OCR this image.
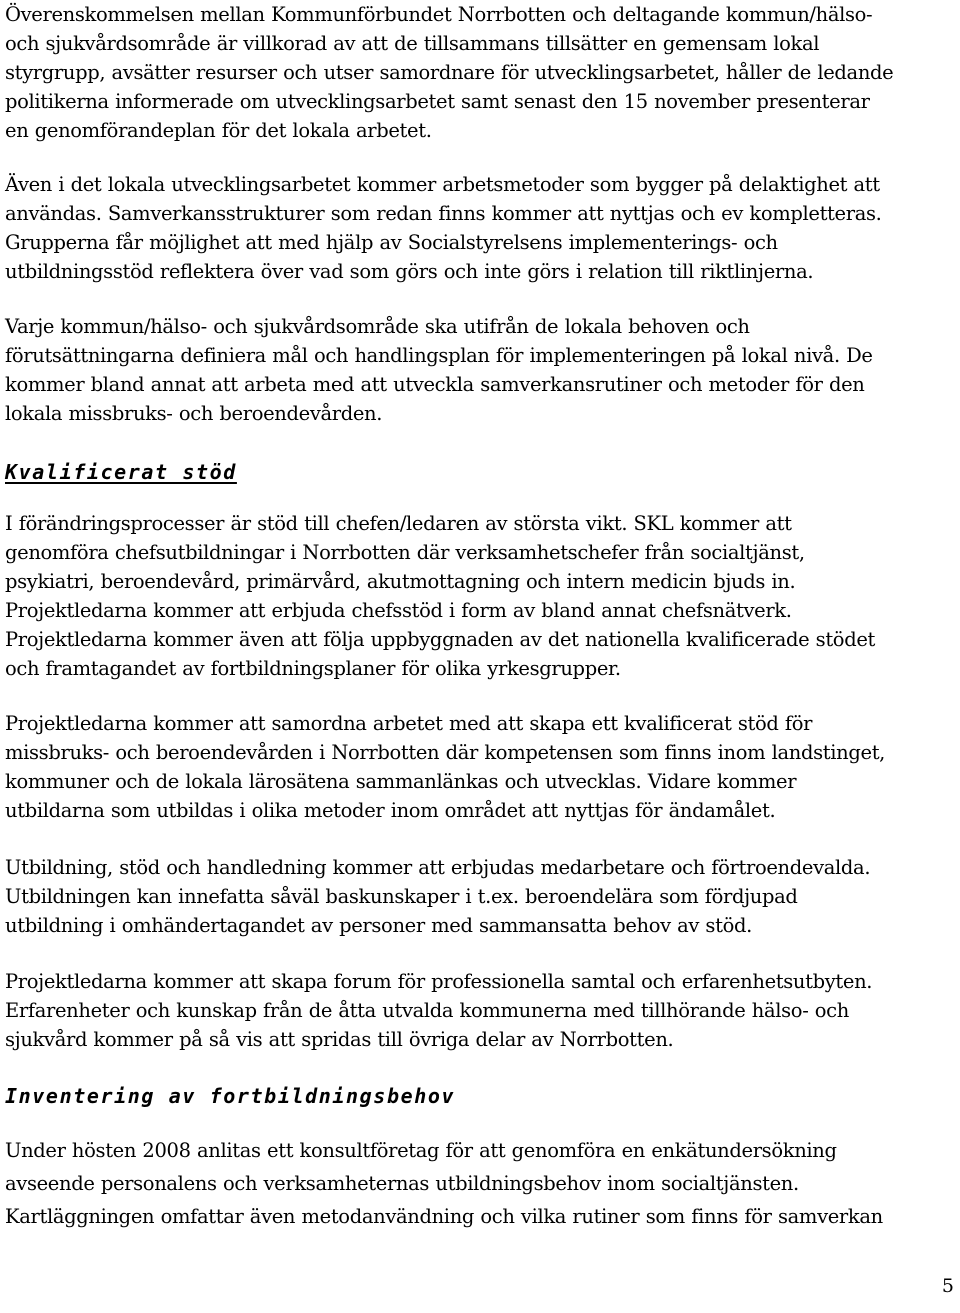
Överenskommelsen mellan Kommunförbundet Norrbotten och deltagande kommun/hälso-
och sjukvårdsområde är villkorad av att de tillsammans tillsätter en gemensam lokal
styrgrupp, avsätter resurser och utser samordnare för utvecklingsarbetet, håller de ledande
politikerna informerade om utvecklingsarbetet samt senast den 15 november presenterar
en genomförandeplan för det lokala arbetet.
Även i det lokala utvecklingsarbetet kommer arbetsmetoder som bygger på delaktighet att
användas. Samverkansstrukturer som redan finns kommer att nyttjas och ev kompletteras.
Grupperna får möjlighet att med hjälp av Socialstyrelsens implementerings- och
utbildningsstöd reflektera över vad som görs och inte görs i relation till riktlinjerna.
Varje kommun/hälso- och sjukvårdsområde ska utifrån de lokala behoven och
förutsättningarna definiera mål och handlingsplan för implementeringen på lokal nivå. De
kommer bland annat att arbeta med att utveckla samverkansrutiner och metoder för den
lokala missbruks- och beroendevården.
Kvalificerat stöd
I förändringsprocesser är stöd till chefen/ledaren av största vikt. SKL kommer att
genomföra chefsutbildningar i Norrbotten där verksamhetschefer från socialtjänst,
psykiatri, beroendevård, primärvård, akutmottagning och intern medicin bjuds in.
Projektledarna kommer att erbjuda chefsstöd i form av bland annat chefsnätverk.
Projektledarna kommer även att följa uppbyggnaden av det nationella kvalificerade stödet
och framtagandet av fortbildningsplaner för olika yrkesgrupper.
Projektledarna kommer att samordna arbetet med att skapa ett kvalificerat stöd för
missbruks- och beroendevården i Norrbotten där kompetensen som finns inom landstinget,
kommuner och de lokala lärosätena sammanlänkas och utvecklas. Vidare kommer
utbildarna som utbildas i olika metoder inom området att nyttjas för ändamålet.
Utbildning, stöd och handledning kommer att erbjudas medarbetare och förtroendevalda.
Utbildningen kan innefatta såväl baskunskaper i t.ex. beroendelära som fördjupad
utbildning i omhändertagandet av personer med sammansatta behov av stöd.
Projektledarna kommer att skapa forum för professionella samtal och erfarenhetsutbyten.
Erfarenheter och kunskap från de åtta utvalda kommunerna med tillhörande hälso- och
sjukvård kommer på så vis att spridas till övriga delar av Norrbotten.
Inventering av fortbildningsbehov
Under hösten 2008 anlitas ett konsultföretag för att genomföra en enkätundersökning
avseende personalens och verksamheternas utbildningsbehov inom socialtjänsten.
Kartläggningen omfattar även metodanvändning och vilka rutiner som finns för samverkan
5
